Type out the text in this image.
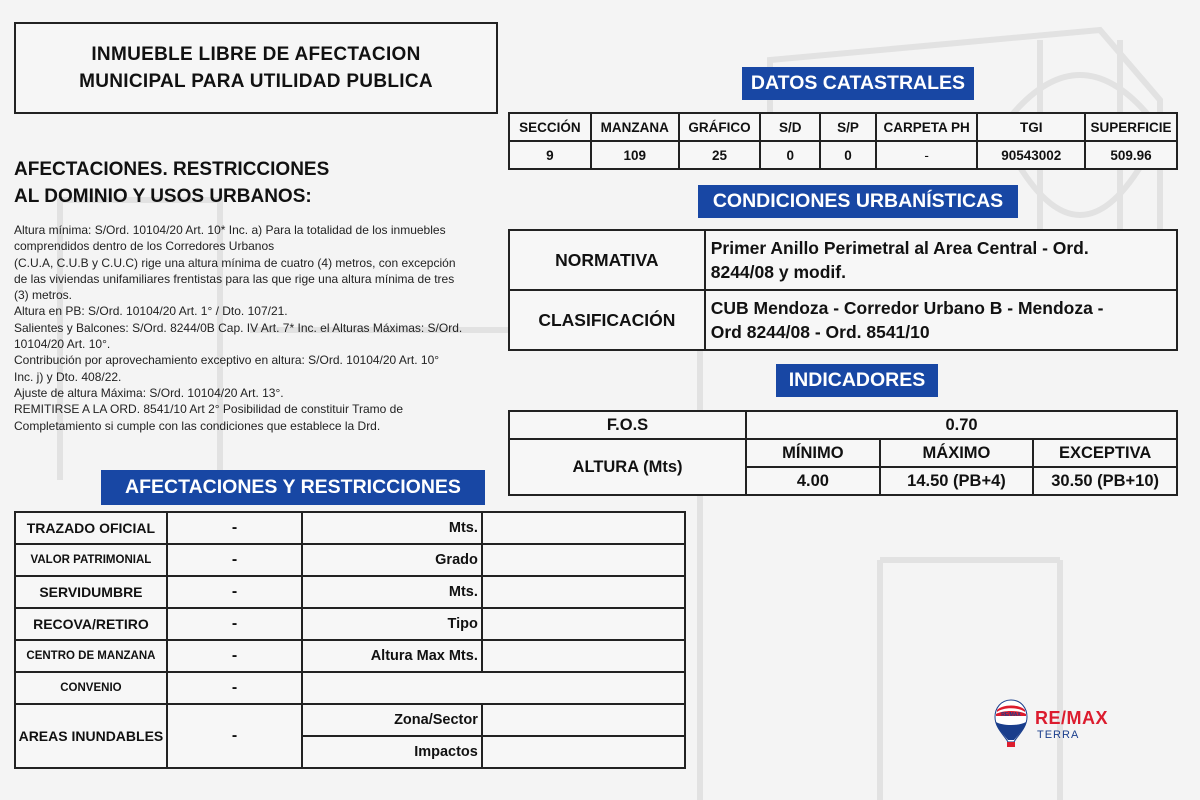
INMUEBLE LIBRE DE AFECTACION
MUNICIPAL PARA UTILIDAD PUBLICA
AFECTACIONES. RESTRICCIONES
AL DOMINIO Y USOS URBANOS:
Altura mínima: S/Ord. 10104/20 Art. 10* Inc. a) Para la totalidad de los inmuebles
comprendidos dentro de los Corredores Urbanos
(C.U.A, C.U.B y C.U.C) rige una altura mínima de cuatro (4) metros, con excepción
de las viviendas unifamiliares frentistas para las que rige una altura mínima de tres
(3) metros.
Altura en PB: S/Ord. 10104/20 Art. 1° / Dto. 107/21.
Salientes y Balcones: S/Ord. 8244/0B Cap. IV Art. 7* Inc. el Alturas Máximas: S/Ord.
10104/20 Art. 10°.
Contribución por aprovechamiento exceptivo en altura: S/Ord. 10104/20 Art. 10°
Inc. j) y Dto. 408/22.
Ajuste de altura Máxima: S/Ord. 10104/20 Art. 13°.
REMITIRSE A LA ORD. 8541/10 Art 2° Posibilidad de constituir Tramo de
Completamiento si cumple con las condiciones que establece la Drd.
DATOS CATASTRALES
SECCIÓN	MANZANA	GRÁFICO	S/D	S/P	CARPETA PH	TGI	SUPERFICIE
9	109	25	0	0	-	90543002	509.96
CONDICIONES URBANÍSTICAS
NORMATIVA	Primer Anillo Perimetral al Area Central - Ord.
8244/08 y modif.

CLASIFICACIÓN	CUB Mendoza - Corredor Urbano B - Mendoza -
Ord 8244/08 - Ord. 8541/10
INDICADORES
F.O.S	0.70		
ALTURA (Mts)	MÍNIMO	MÁXIMO	EXCEPTIVA
	4.00	14.50 (PB+4)	30.50 (PB+10)
AFECTACIONES Y RESTRICCIONES
TRAZADO OFICIAL	-	Mts.	
VALOR PATRIMONIAL	-	Grado	
SERVIDUMBRE	-	Mts.	
RECOVA/RETIRO	-	Tipo	
CENTRO DE MANZANA	-	Altura Max Mts.	
CONVENIO	-		
AREAS INUNDABLES	-	Zona/Sector	
		Impactos	
RE/MAX RE/MAX
TERRA
